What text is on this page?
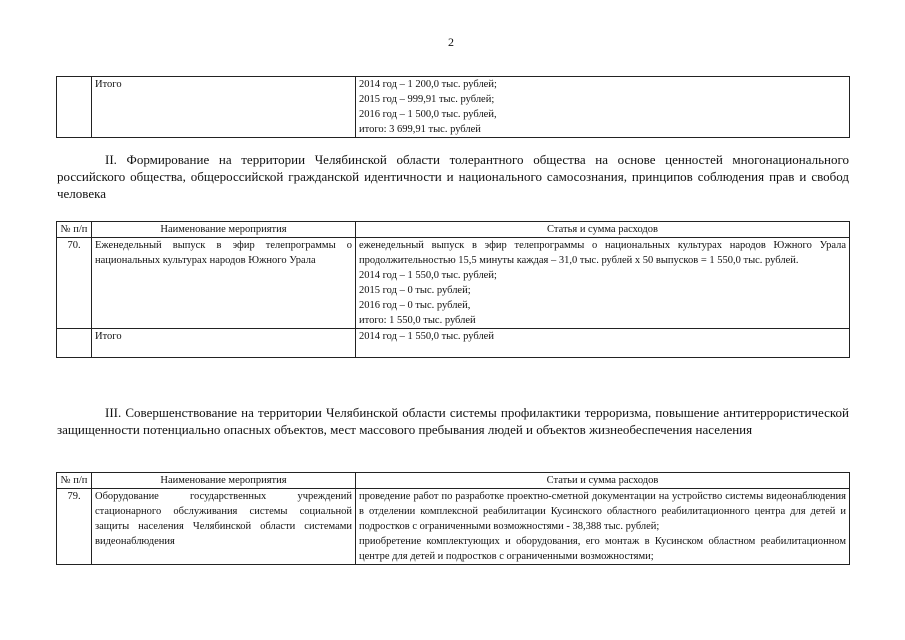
2
	Итого	2014 год – 1 200,0 тыс. рублей;
2015 год – 999,91 тыс. рублей;
2016 год – 1 500,0 тыс. рублей,
итого: 3 699,91 тыс. рублей
II. Формирование на территории Челябинской области толерантного общества на основе ценностей многонационального российского общества, общероссийской гражданской идентичности и национального самосознания, принципов соблюдения прав и свобод человека
№ п/п	Наименование мероприятия	Статья и сумма расходов
70.	Еженедельный выпуск в эфир телепрограммы о национальных культурах народов Южного Урала	еженедельный выпуск в эфир телепрограммы о национальных культурах народов Южного Урала продолжительностью 15,5 минуты каждая – 31,0 тыс. рублей х 50 выпусков = 1 550,0 тыс. рублей.
2014 год – 1 550,0 тыс. рублей;
2015 год – 0 тыс. рублей;
2016 год – 0 тыс. рублей,
итого: 1 550,0 тыс. рублей

	Итого	2014 год – 1 550,0 тыс. рублей
III. Совершенствование на территории Челябинской области системы профилактики терроризма, повышение антитеррористической защищенности потенциально опасных объектов, мест массового пребывания людей и объектов жизнеобеспечения населения
№ п/п	Наименование мероприятия	Статьи и сумма расходов
79.	Оборудование государственных учреждений стационарного обслуживания системы социальной защиты населения Челябинской области системами видеонаблюдения	проведение работ по разработке проектно-сметной документации на устройство системы видеонаблюдения в отделении комплексной реабилитации Кусинского областного реабилитационного центра для детей и подростков с ограниченными возможностями - 38,388 тыс. рублей;
приобретение комплектующих и оборудования, его монтаж в Кусинском областном реабилитационном центре для детей и подростков с ограниченными возможностями;
